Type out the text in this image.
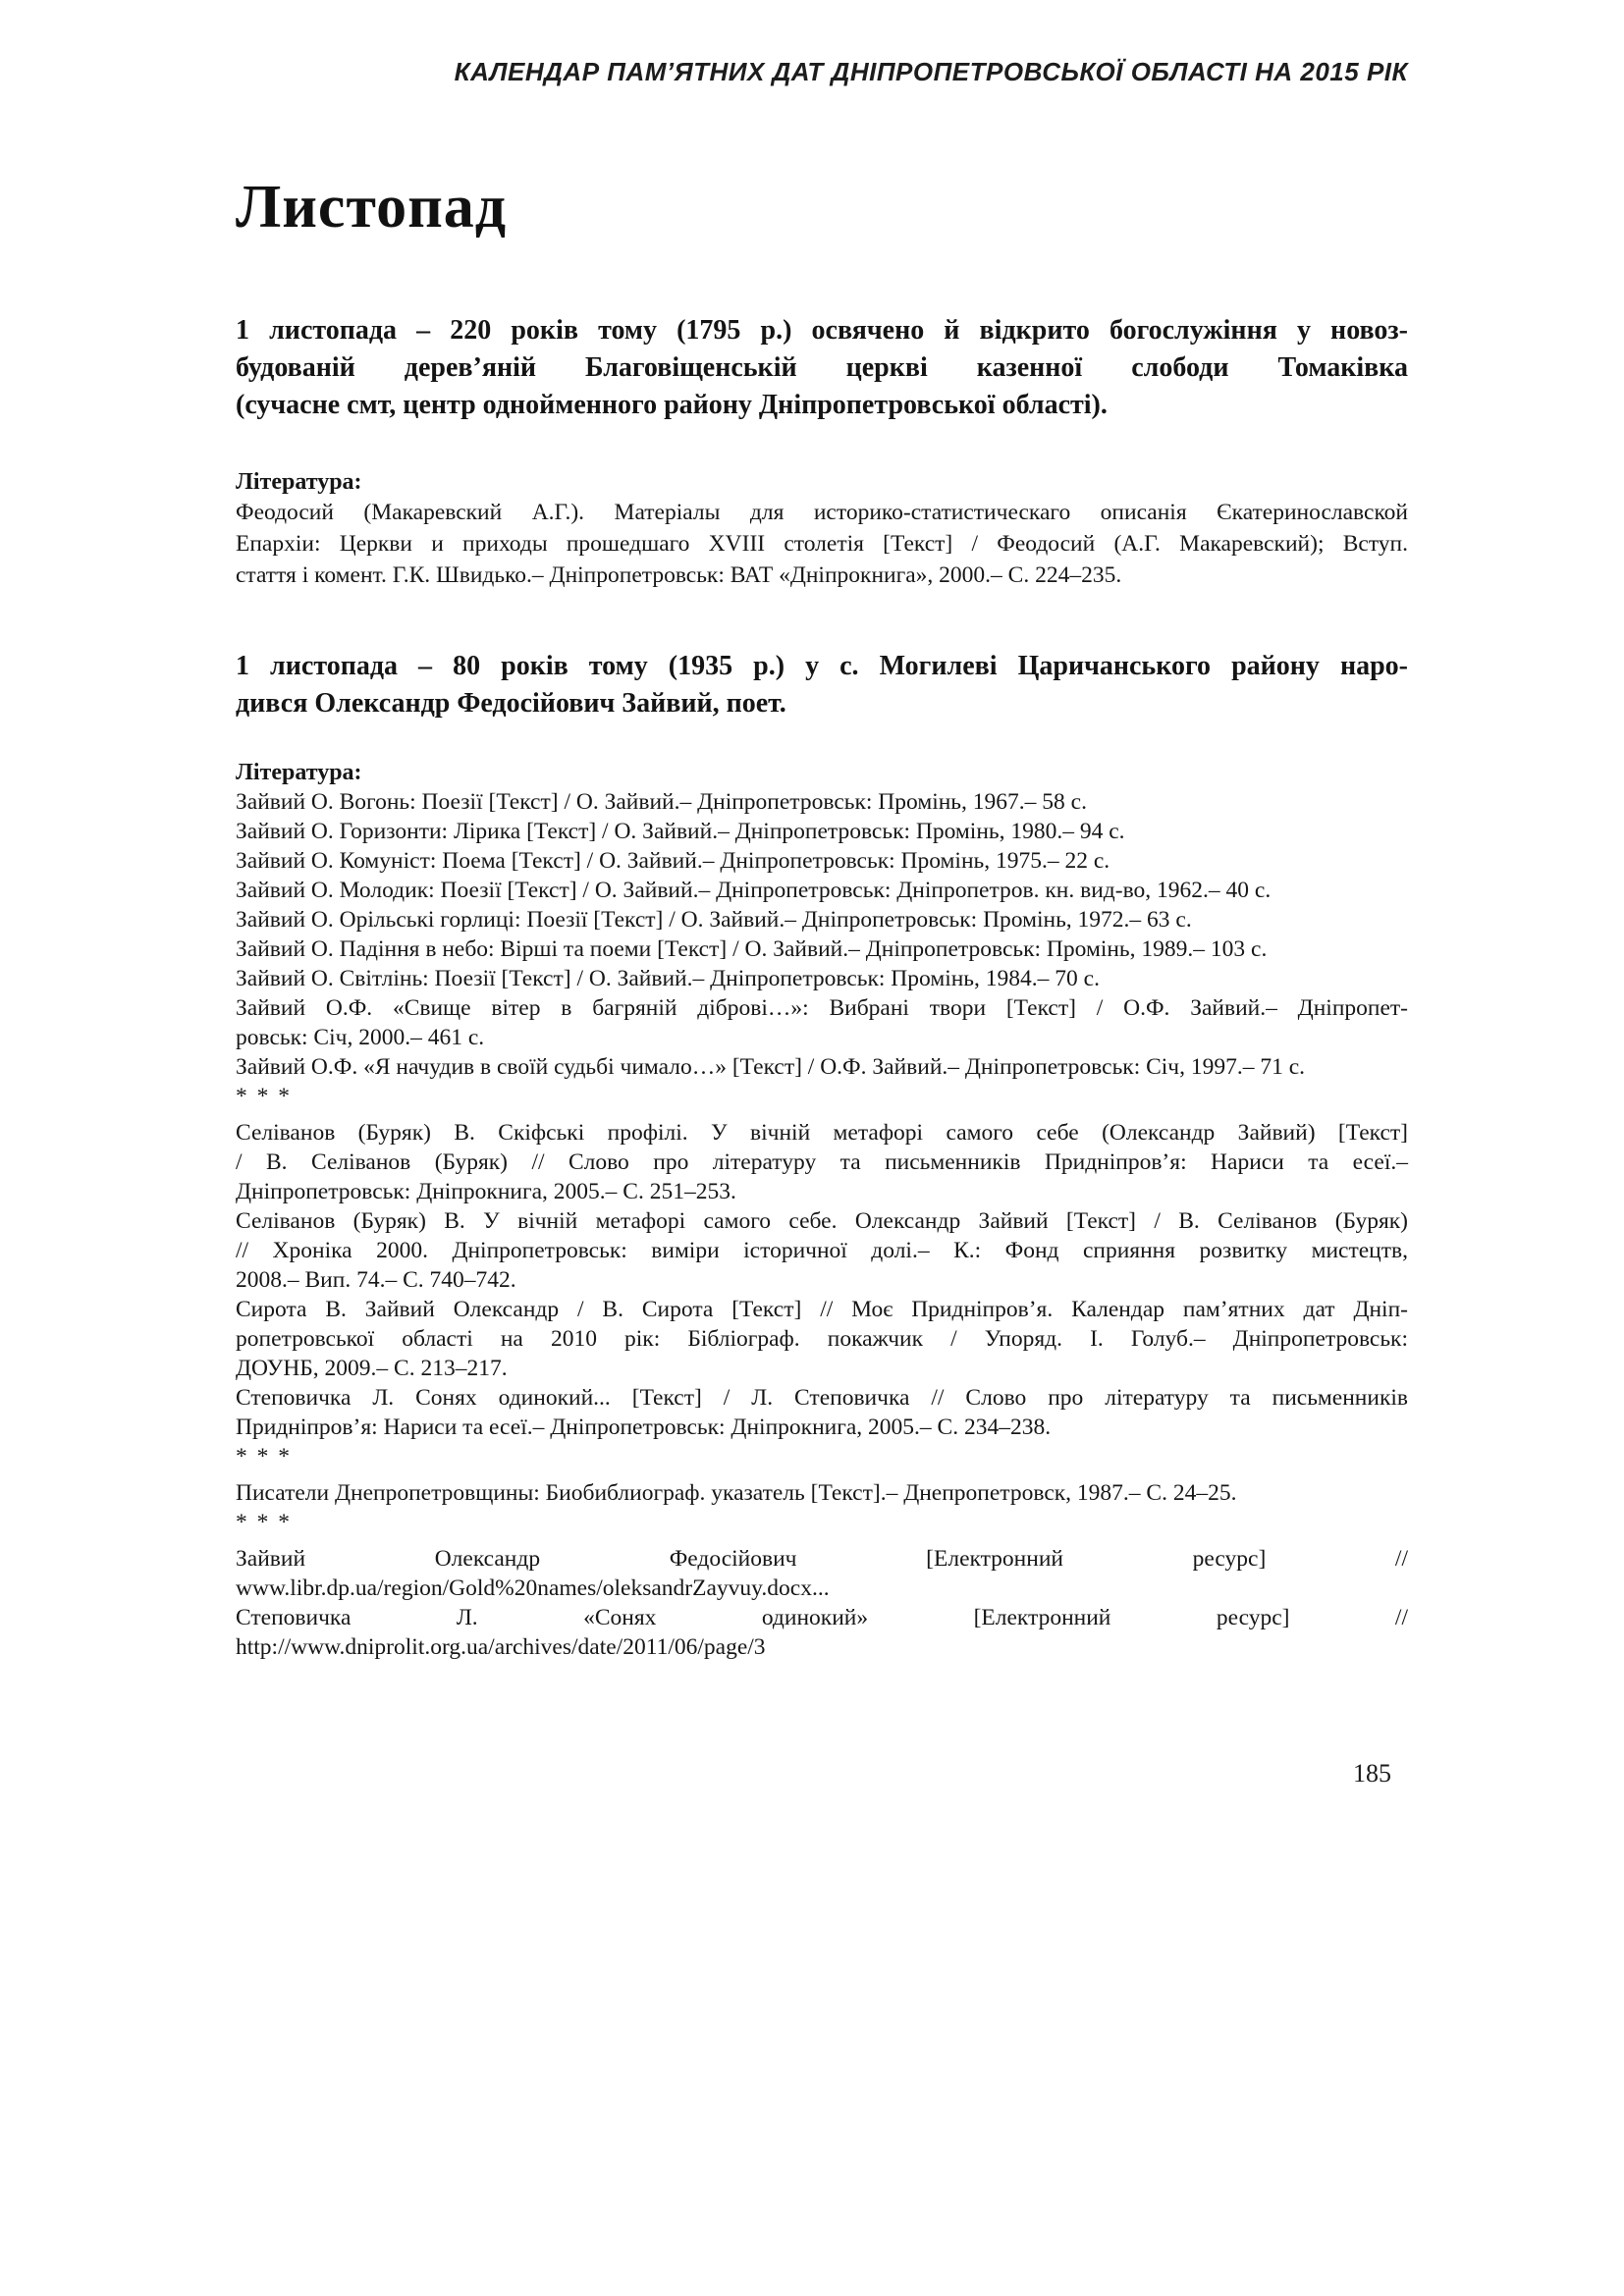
КАЛЕНДАР ПАМ’ЯТНИХ ДАТ ДНІПРОПЕТРОВСЬКОЇ ОБЛАСТІ НА 2015 РІК
Листопад
1 листопада – 220 років тому (1795 р.) освячено й відкрито богослужіння у новоз-
будованій дерев’яній Благовіщенській церкві казенної слободи Томаківка
(сучасне смт, центр однойменного району Дніпропетровської області).
Література:
Феодосий (Макаревский А.Г.). Матеріалы для историко-статистическаго описанія Єкатеринославской
Епархіи: Церкви и приходы прошедшаго XVIII столетія [Текст] / Феодосий (А.Г. Макаревский); Вступ.
стаття і комент. Г.К. Швидько.– Дніпропетровськ: ВАТ «Дніпрокнига», 2000.– С. 224–235.
1 листопада – 80 років тому (1935 р.) у с. Могилеві Царичанського району наро-
дився Олександр Федосійович Зайвий, поет.
Література:
Зайвий О. Вогонь: Поезії [Текст] / О. Зайвий.– Дніпропетровськ: Промінь, 1967.– 58 с.
Зайвий О. Горизонти: Лірика [Текст] / О. Зайвий.– Дніпропетровськ: Промінь, 1980.– 94 с.
Зайвий О. Комуніст: Поема [Текст] / О. Зайвий.– Дніпропетровськ: Промінь, 1975.– 22 с.
Зайвий О. Молодик: Поезії [Текст] / О. Зайвий.– Дніпропетровськ: Дніпропетров. кн. вид-во, 1962.– 40 с.
Зайвий О. Орільські горлиці: Поезії [Текст] / О. Зайвий.– Дніпропетровськ: Промінь, 1972.– 63 с.
Зайвий О. Падіння в небо: Вірші та поеми [Текст] / О. Зайвий.– Дніпропетровськ: Промінь, 1989.– 103 с.
Зайвий О. Світлінь: Поезії [Текст] / О. Зайвий.– Дніпропетровськ: Промінь, 1984.– 70 с.
Зайвий О.Ф. «Свище вітер в багряній діброві…»: Вибрані твори [Текст] / О.Ф. Зайвий.– Дніпропет-
ровськ: Січ, 2000.– 461 с.
Зайвий О.Ф. «Я начудив в своїй судьбі чимало…» [Текст] / О.Ф. Зайвий.– Дніпропетровськ: Січ, 1997.– 71 с.
* * *
Селіванов (Буряк) В. Скіфські профілі. У вічній метафорі самого себе (Олександр Зайвий) [Текст]
/ В. Селіванов (Буряк) // Слово про літературу та письменників Придніпров’я: Нариси та есеї.–
Дніпропетровськ: Дніпрокнига, 2005.– С. 251–253.
Селіванов (Буряк) В. У вічній метафорі самого себе. Олександр Зайвий [Текст] / В. Селіванов (Буряк)
// Хроніка 2000. Дніпропетровськ: виміри історичної долі.– К.: Фонд сприяння розвитку мистецтв,
2008.– Вип. 74.– С. 740–742.
Сирота В. Зайвий Олександр / В. Сирота [Текст] // Моє Придніпров’я. Календар пам’ятних дат Дніп-
ропетровської області на 2010 рік: Бібліограф. покажчик / Упоряд. І. Голуб.– Дніпропетровськ:
ДОУНБ, 2009.– С. 213–217.
Степовичка Л. Сонях одинокий... [Текст] / Л. Степовичка // Слово про літературу та письменників
Придніпров’я: Нариси та есеї.– Дніпропетровськ: Дніпрокнига, 2005.– С. 234–238.
* * *
Писатели Днепропетровщины: Биобиблиограф. указатель [Текст].– Днепропетровск, 1987.– С. 24–25.
* * *
Зайвий Олександр Федосійович [Електронний ресурс] //
www.libr.dp.ua/region/Gold%20names/oleksandrZayvuy.docx...
Степовичка Л. «Сонях одинокий» [Електронний ресурс] //
http://www.dniprolit.org.ua/archives/date/2011/06/page/3
185
